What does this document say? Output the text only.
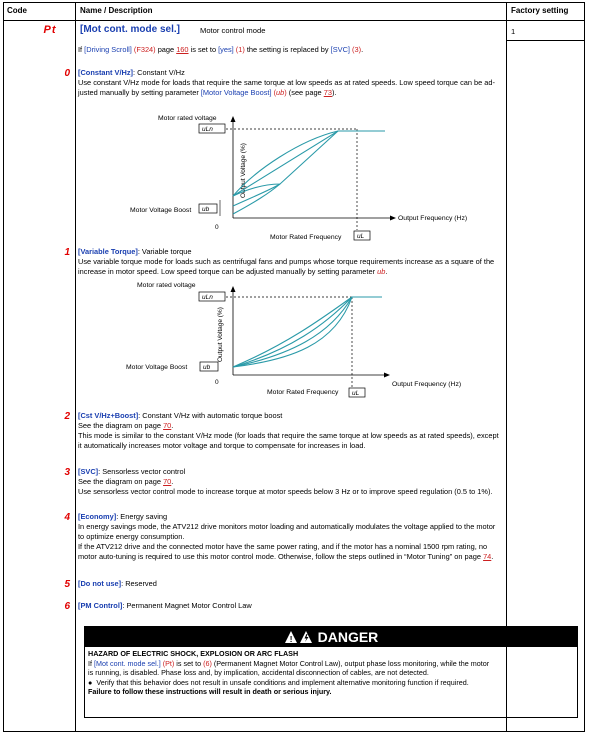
Code	Name / Description	Factory setting
Pt	[Mot cont. mode sel.]	Motor control mode	1
If [Driving Scroll] (F324) page 160 is set to [yes] (1) the setting is replaced by [SVC] (3).
0 [Constant V/Hz]: Constant V/Hz
Use constant V/Hz mode for loads that require the same torque at low speeds as at rated speeds. Low speed torque can be ad-
justed manually by setting parameter [Motor Voltage Boost] (ub) (see page 73).
Motor rated voltage
uLn
Output Voltage (%)
Motor Voltage Boost ub
0
Output Frequency (Hz)
Motor Rated Frequency uL
1 [Variable Torque]: Variable torque
Use variable torque mode for loads such as centrifugal fans and pumps whose torque requirements increase as a square of the
increase in motor speed. Low speed torque can be adjusted manually by setting parameter ub.
Motor rated voltage
uLn
Output Voltage (%)
Motor Voltage Boost ub
0	Output Frequency (Hz)
Motor Rated Frequency uL
2 [Cst V/Hz+Boost]: Constant V/Hz with automatic torque boost
See the diagram on page 70.
This mode is similar to the constant V/Hz mode (for loads that require the same torque at low speeds as at rated speeds), except
it automatically increases motor voltage and torque to compensate for increases in load.
3 [SVC]: Sensorless vector control
See the diagram on page 70.
Use sensorless vector control mode to increase torque at motor speeds below 3 Hz or to improve speed regulation (0.5 to 1%).
4 [Economy]: Energy saving
In energy savings mode, the ATV212 drive monitors motor loading and automatically modulates the voltage applied to the motor
to optimize energy consumption.
If the ATV212 drive and the connected motor have the same power rating, and if the motor has a nominal 1500 rpm rating, no
motor auto-tuning is required to use this motor control mode. Otherwise, follow the steps outlined in “Motor Tuning” on page 74.
5 [Do not use]: Reserved
6 [PM Control]: Permanent Magnet Motor Control Law
! DANGER
HAZARD OF ELECTRIC SHOCK, EXPLOSION OR ARC FLASH
If [Mot cont. mode sel.] (Pt) is set to (6) (Permanent Magnet Motor Control Law), output phase loss monitoring, while the motor
is running, is disabled. Phase loss and, by implication, accidental disconnection of cables, are not detected.
●  Verify that this behavior does not result in unsafe conditions and implement alternative monitoring function if required.
Failure to follow these instructions will result in death or serious injury.
